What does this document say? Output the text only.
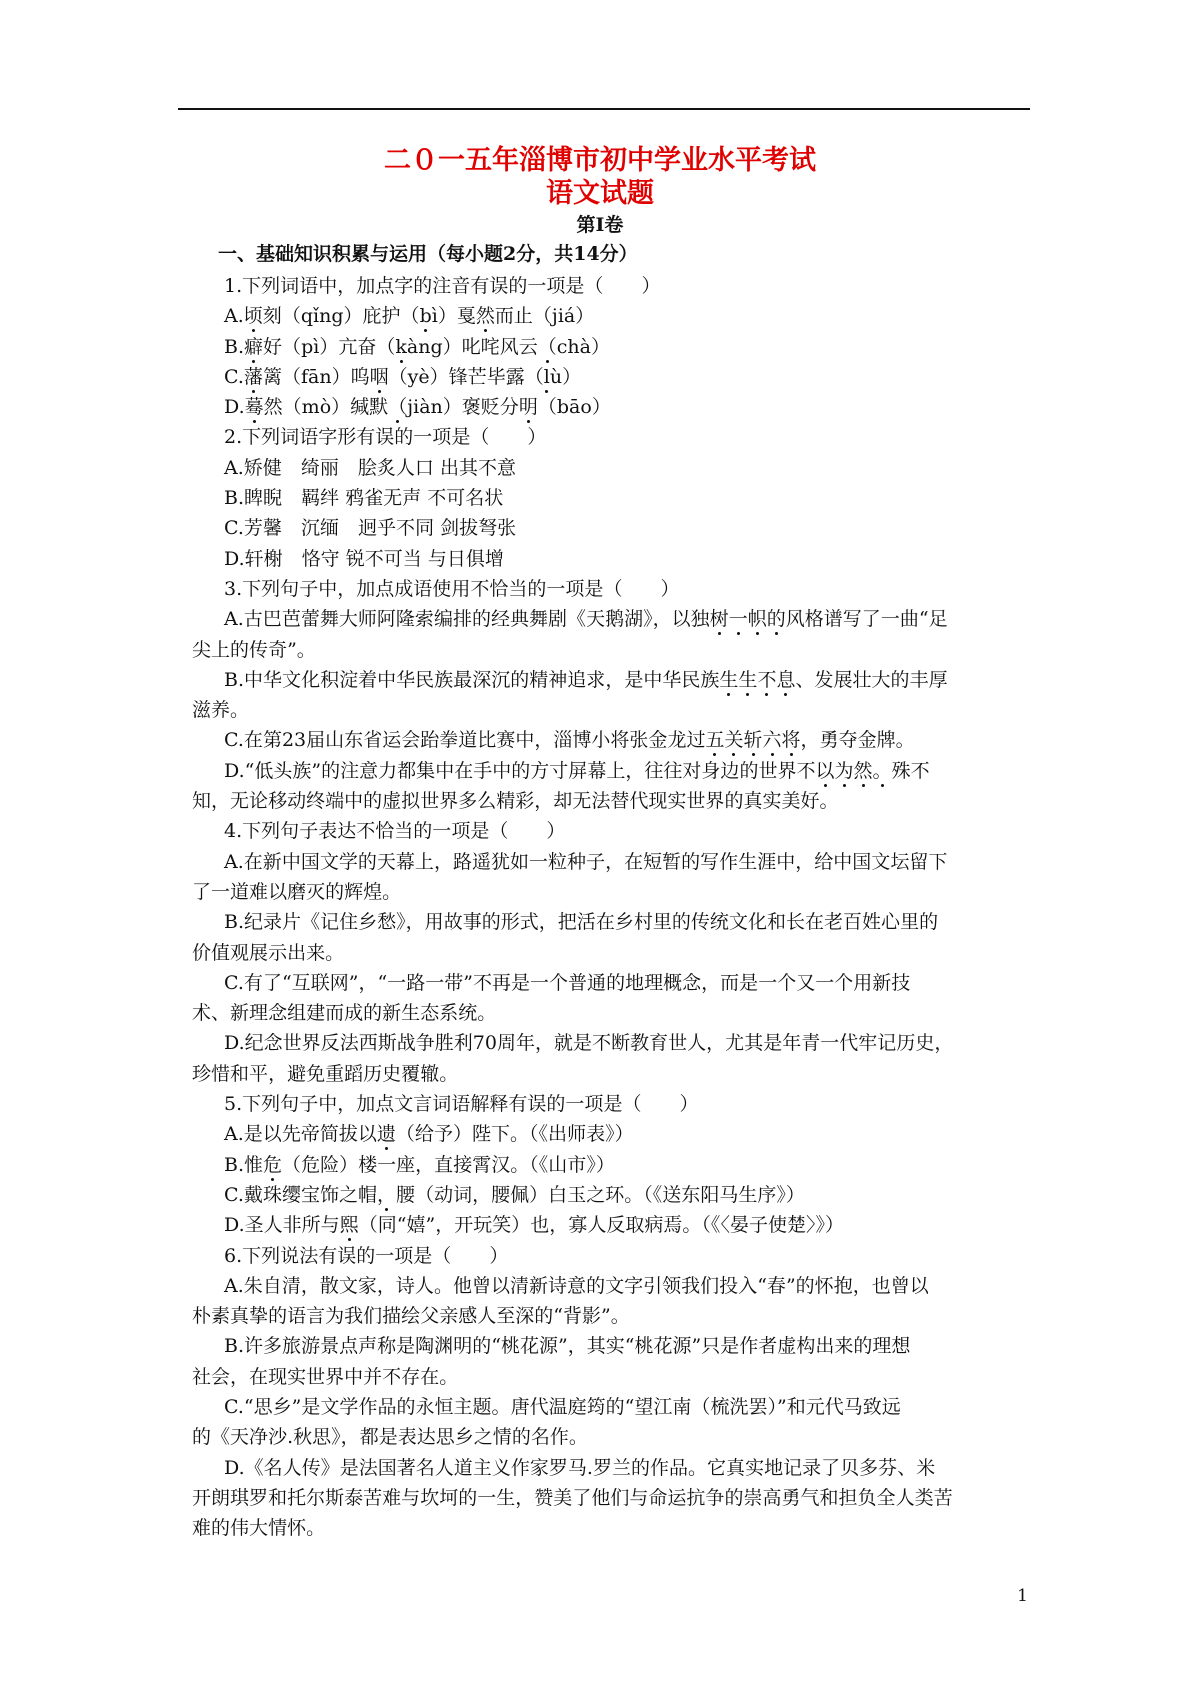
二０一五年淄博市初中学业水平考试
语文试题
第Ⅰ卷
一、基础知识积累与运用（每小题2分，共14分）
1.下列词语中，加点字的注音有误的一项是（　　 ）
A.顷刻（qǐng）庇护（bì）戛然而止（jiá）
B.癖好（pì）亢奋（kàng）叱咤风云（chà）
C.藩篱（fān）呜咽（yè）锋芒毕露（lù）
D.蓦然（mò）缄默（jiàn）褒贬分明（bāo）
2.下列词语字形有误的一项是（　　 ）
A.矫健　 绮丽　 脍炙人口 出其不意
B.睥睨　 羁绊 鸦雀无声 不可名状
C.芳馨　 沉缅　 迥乎不同 剑拔弩张
D.轩榭　 恪守 锐不可当 与日俱增
3.下列句子中，加点成语使用不恰当的一项是（　　 ）
A.古巴芭蕾舞大师阿隆索编排的经典舞剧《天鹅湖》，以独树一帜的风格谱写了一曲“足
尖上的传奇”。
B.中华文化积淀着中华民族最深沉的精神追求，是中华民族生生不息、发展壮大的丰厚
滋养。
C.在第23届山东省运会跆拳道比赛中，淄博小将张金龙过五关斩六将，勇夺金牌。
D.“低头族”的注意力都集中在手中的方寸屏幕上，往往对身边的世界不以为然。殊不
知，无论移动终端中的虚拟世界多么精彩，却无法替代现实世界的真实美好。
4.下列句子表达不恰当的一项是（　　 ）
A.在新中国文学的天幕上，路遥犹如一粒种子，在短暂的写作生涯中，给中国文坛留下
了一道难以磨灭的辉煌。
B.纪录片《记住乡愁》，用故事的形式，把活在乡村里的传统文化和长在老百姓心里的
价值观展示出来。
C.有了“互联网”，“一路一带”不再是一个普通的地理概念，而是一个又一个用新技
术、新理念组建而成的新生态系统。
D.纪念世界反法西斯战争胜利70周年，就是不断教育世人，尤其是年青一代牢记历史，
珍惜和平，避免重蹈历史覆辙。
5.下列句子中，加点文言词语解释有误的一项是（　　 ）
A.是以先帝简拔以遗（给予）陛下。（《出师表》）
B.惟危（危险）楼一座，直接霄汉。（《山市》）
C.戴珠缨宝饰之帽，腰（动词，腰佩）白玉之环。（《送东阳马生序》）
D.圣人非所与熙（同“嬉”，开玩笑）也，寡人反取病焉。（《〈晏子使楚〉》）
6.下列说法有误的一项是（　　 ）
A.朱自清，散文家，诗人。他曾以清新诗意的文字引领我们投入“春”的怀抱，也曾以
朴素真挚的语言为我们描绘父亲感人至深的“背影”。
B.许多旅游景点声称是陶渊明的“桃花源”，其实“桃花源”只是作者虚构出来的理想
社会，在现实世界中并不存在。
C.“思乡”是文学作品的永恒主题。唐代温庭筠的“望江南（梳洗罢）”和元代马致远
的《天净沙.秋思》，都是表达思乡之情的名作。
D.《名人传》是法国著名人道主义作家罗马.罗兰的作品。它真实地记录了贝多芬、米
开朗琪罗和托尔斯泰苦难与坎坷的一生，赞美了他们与命运抗争的崇高勇气和担负全人类苦
难的伟大情怀。
1
